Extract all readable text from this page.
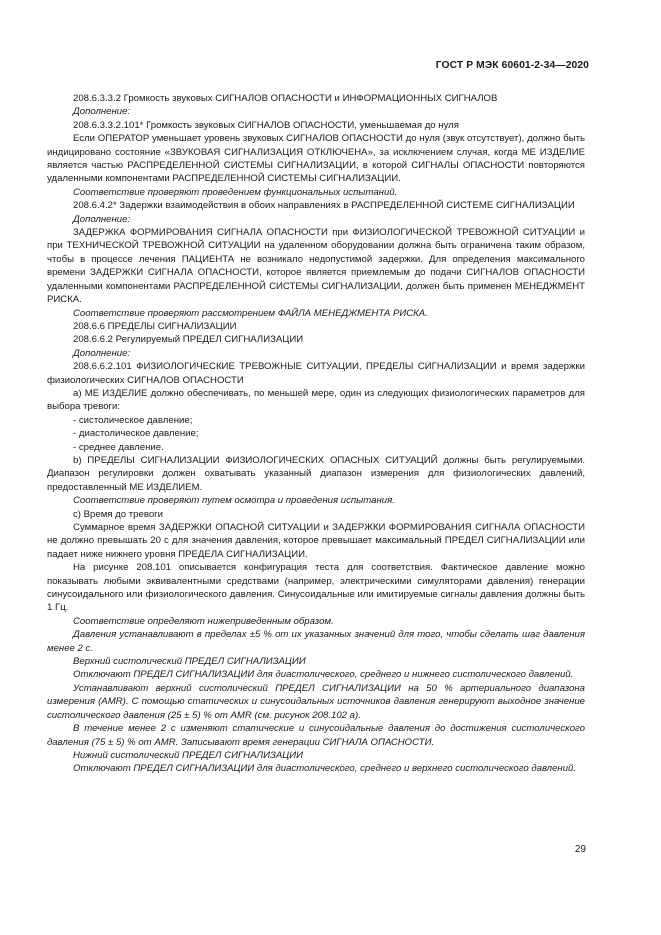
ГОСТ Р МЭК 60601-2-34—2020

208.6.3.3.2 Громкость звуковых СИГНАЛОВ ОПАСНОСТИ и ИНФОРМАЦИОННЫХ СИГНАЛОВ

Дополнение:

208.6.3.3.2.101* Громкость звуковых СИГНАЛОВ ОПАСНОСТИ, уменьшаемая до нуля

Если ОПЕРАТОР уменьшает уровень звуковых СИГНАЛОВ ОПАСНОСТИ до нуля (звук отсутствует), должно быть индицировано состояние «ЗВУКОВАЯ СИГНАЛИЗАЦИЯ ОТКЛЮЧЕНА», за исключением случая, когда МЕ ИЗДЕЛИЕ является частью РАСПРЕДЕЛЕННОЙ СИСТЕМЫ СИГНАЛИЗАЦИИ, в которой СИГНАЛЫ ОПАСНОСТИ повторяются удаленными компонентами РАСПРЕДЕЛЕННОЙ СИСТЕМЫ СИГНАЛИЗАЦИИ.

Соответствие проверяют проведением функциональных испытаний.

208.6.4.2* Задержки взаимодействия в обоих направлениях в РАСПРЕДЕЛЕННОЙ СИСТЕМЕ СИГНАЛИЗАЦИИ

Дополнение:

ЗАДЕРЖКА ФОРМИРОВАНИЯ СИГНАЛА ОПАСНОСТИ при ФИЗИОЛОГИЧЕСКОЙ ТРЕВОЖНОЙ СИТУАЦИИ и при ТЕХНИЧЕСКОЙ ТРЕВОЖНОЙ СИТУАЦИИ на удаленном оборудовании должна быть ограничена таким образом, чтобы в процессе лечения ПАЦИЕНТА не возникало недопустимой задержки. Для определения максимального времени ЗАДЕРЖКИ СИГНАЛА ОПАСНОСТИ, которое является приемлемым до подачи СИГНАЛОВ ОПАСНОСТИ удаленными компонентами РАСПРЕДЕЛЕННОЙ СИСТЕМЫ СИГНАЛИЗАЦИИ, должен быть применен МЕНЕДЖМЕНТ РИСКА.

Соответствие проверяют рассмотрением ФАЙЛА МЕНЕДЖМЕНТА РИСКА.

208.6.6 ПРЕДЕЛЫ СИГНАЛИЗАЦИИ

208.6.6.2 Регулируемый ПРЕДЕЛ СИГНАЛИЗАЦИИ

Дополнение:

208.6.6.2.101 ФИЗИОЛОГИЧЕСКИЕ ТРЕВОЖНЫЕ СИТУАЦИИ, ПРЕДЕЛЫ СИГНАЛИЗАЦИИ и время задержки физиологических СИГНАЛОВ ОПАСНОСТИ

а) МЕ ИЗДЕЛИЕ должно обеспечивать, по меньшей мере, один из следующих физиологических параметров для выбора тревоги:

- систолическое давление;

- диастолическое давление;

- среднее давление.

b) ПРЕДЕЛЫ СИГНАЛИЗАЦИИ ФИЗИОЛОГИЧЕСКИХ ОПАСНЫХ СИТУАЦИЙ должны быть регулируемыми. Диапазон регулировки должен охватывать указанный диапазон измерения для физиологических давлений, предоставленный МЕ ИЗДЕЛИЕМ.

Соответствие проверяют путем осмотра и проведения испытания.

с) Время до тревоги

Суммарное время ЗАДЕРЖКИ ОПАСНОЙ СИТУАЦИИ и ЗАДЕРЖКИ ФОРМИРОВАНИЯ СИГНАЛА ОПАСНОСТИ не должно превышать 20 с для значения давления, которое превышает максимальный ПРЕДЕЛ СИГНАЛИЗАЦИИ или падает ниже нижнего уровня ПРЕДЕЛА СИГНАЛИЗАЦИИ.

На рисунке 208.101 описывается конфигурация теста для соответствия. Фактическое давление можно показывать любыми эквивалентными средствами (например, электрическими симуляторами давления) генерации синусоидального или физиологического давления. Синусоидальные или имитируемые сигналы давления должны быть 1 Гц.

Соответствие определяют нижеприведенным образом.

Давления устанавливают в пределах ±5 % от их указанных значений для того, чтобы сделать шаг давления менее 2 с.

Верхний систолический ПРЕДЕЛ СИГНАЛИЗАЦИИ

Отключают ПРЕДЕЛ СИГНАЛИЗАЦИИ для диастолического, среднего и нижнего систолического давлений.

Устанавливают верхний систолический ПРЕДЕЛ СИГНАЛИЗАЦИИ на 50 % артериального диапазона измерения (AMR). С помощью статических и синусоидальных источников давления генерируют выходное значение систолического давления (25 ± 5) % от AMR (см. рисунок 208.102 а).

В течение менее 2 с изменяют статические и синусоидальные давления до достижения систолического давления (75 ± 5) % от AMR. Записывают время генерации СИГНАЛА ОПАСНОСТИ.

Нижний систолический ПРЕДЕЛ СИГНАЛИЗАЦИИ

Отключают ПРЕДЕЛ СИГНАЛИЗАЦИИ для диастолического, среднего и верхнего систолического давлений.

29
